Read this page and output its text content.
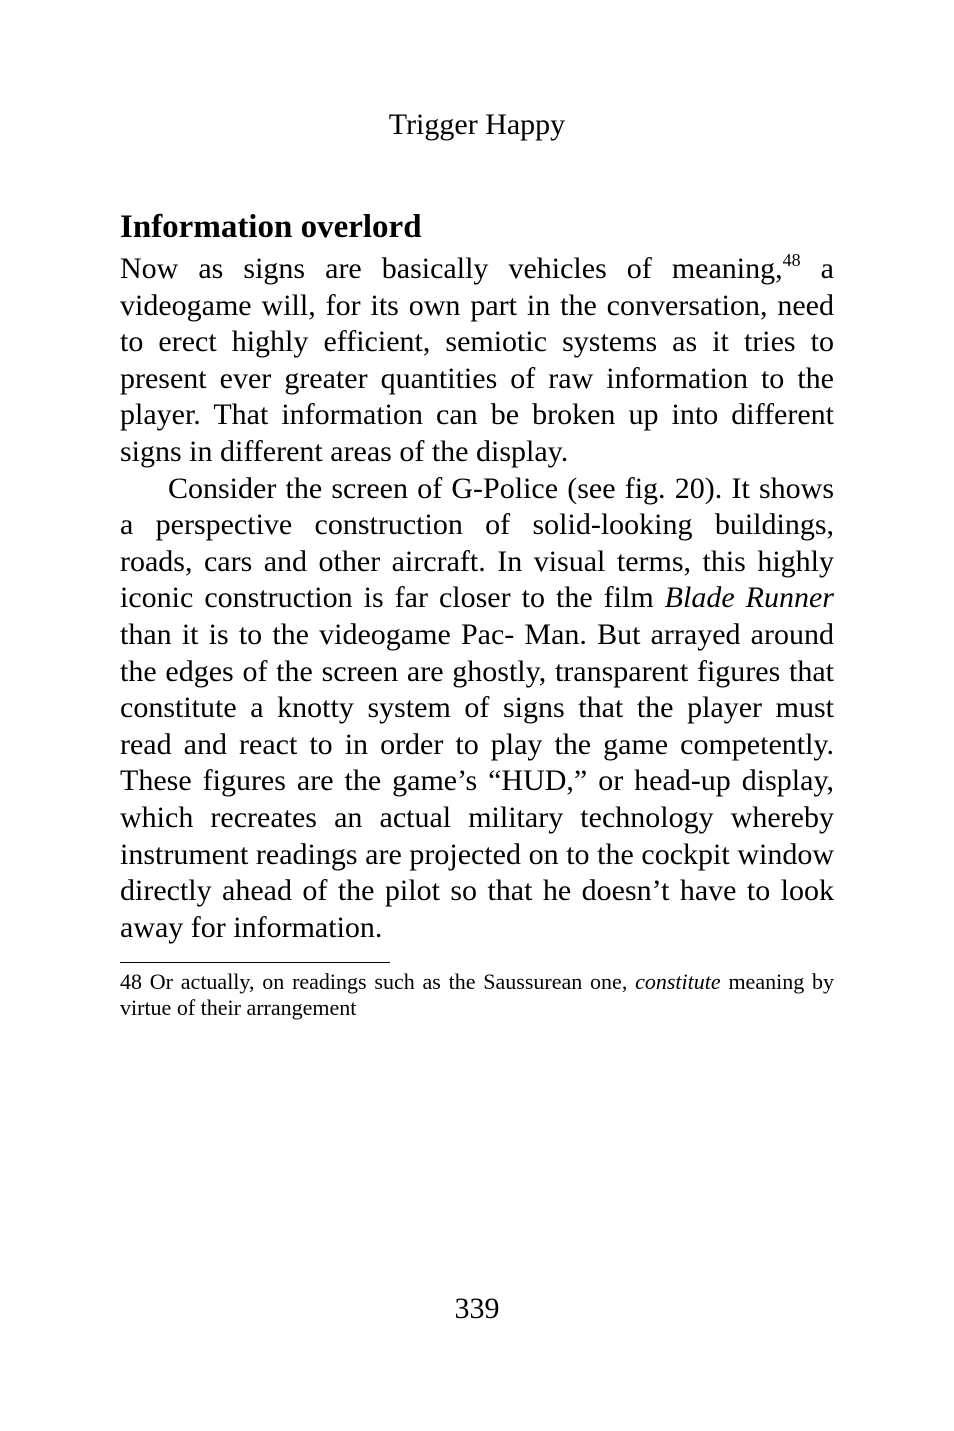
Trigger Happy

Information overlord

Now as signs are basically vehicles of meaning,$^{48}$ a videogame will, for its own part in the conversation, need to erect highly efficient, semiotic systems as it tries to present ever greater quantities of raw information to the player. That information can be broken up into different signs in different areas of the display.

Consider the screen of G-Police (see fig. 20). It shows a perspective construction of solid-looking buildings, roads, cars and other aircraft. In visual terms, this highly iconic construction is far closer to the film Blade Runner than it is to the videogame Pac- Man. But arrayed around the edges of the screen are ghostly, transparent figures that constitute a knotty system of signs that the player must read and react to in order to play the game competently. These figures are the game’s “HUD,” or head-up display, which recreates an actual military technology whereby instrument readings are projected on to the cockpit window directly ahead of the pilot so that he doesn’t have to look away for information.

48 Or actually, on readings such as the Saussurean one, constitute meaning by virtue of their arrangement

339
